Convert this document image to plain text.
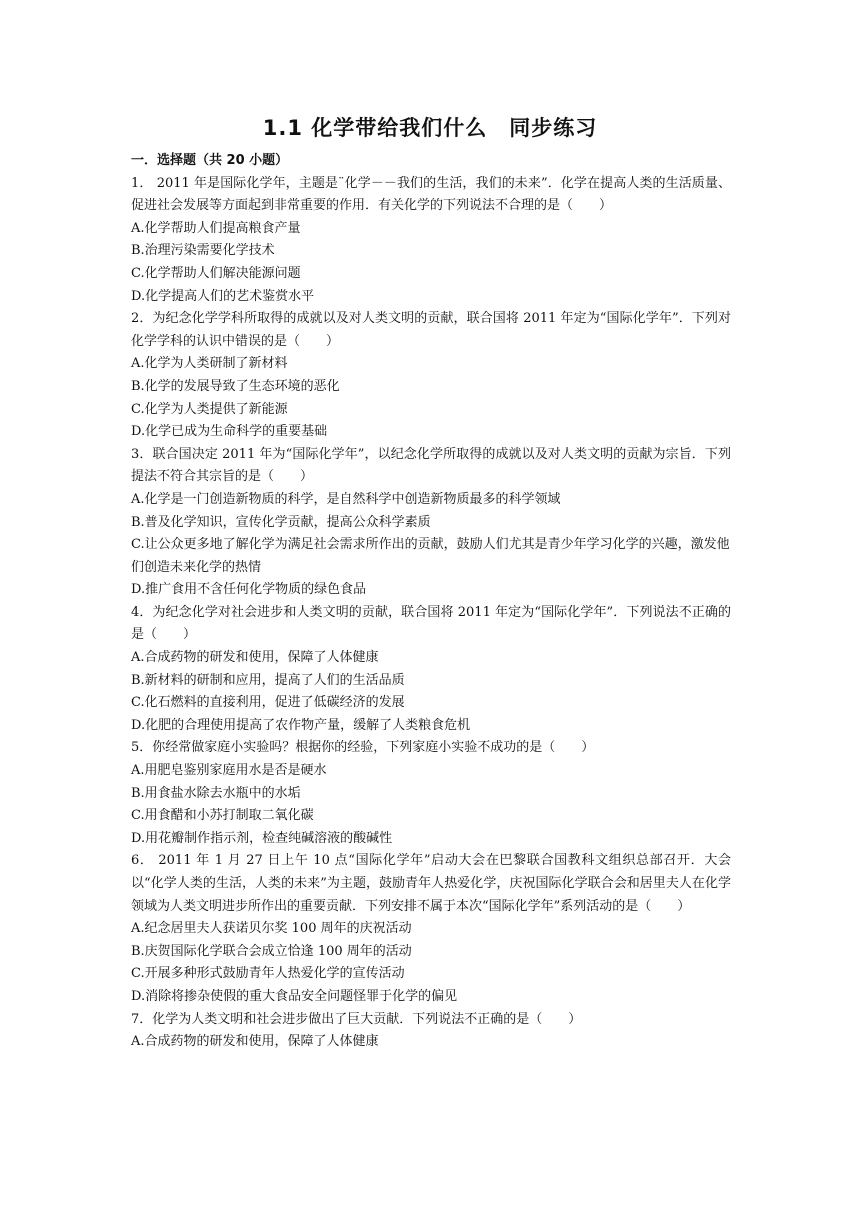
1.1 化学带给我们什么　同步练习
一．选择题（共 20 小题）
1． 2011 年是国际化学年，主题是¨化学－－我们的生活，我们的未来”．化学在提高人类的生活质量、促进社会发展等方面起到非常重要的作用．有关化学的下列说法不合理的是（　　）
A.化学帮助人们提高粮食产量
B.治理污染需要化学技术
C.化学帮助人们解决能源问题
D.化学提高人们的艺术鉴赏水平
2．为纪念化学学科所取得的成就以及对人类文明的贡献，联合国将 2011 年定为“国际化学年”．下列对化学学科的认识中错误的是（　　）
A.化学为人类研制了新材料
B.化学的发展导致了生态环境的恶化
C.化学为人类提供了新能源
D.化学已成为生命科学的重要基础
3．联合国决定 2011 年为“国际化学年”，以纪念化学所取得的成就以及对人类文明的贡献为宗旨．下列提法不符合其宗旨的是（　　）
A.化学是一门创造新物质的科学，是自然科学中创造新物质最多的科学领域
B.普及化学知识，宣传化学贡献，提高公众科学素质
C.让公众更多地了解化学为满足社会需求所作出的贡献，鼓励人们尤其是青少年学习化学的兴趣，激发他们创造未来化学的热情
D.推广食用不含任何化学物质的绿色食品
4．为纪念化学对社会进步和人类文明的贡献，联合国将 2011 年定为“国际化学年”．下列说法不正确的是（　　）
A.合成药物的研发和使用，保障了人体健康
B.新材料的研制和应用，提高了人们的生活品质
C.化石燃料的直接利用，促进了低碳经济的发展
D.化肥的合理使用提高了农作物产量，缓解了人类粮食危机
5．你经常做家庭小实验吗？根据你的经验，下列家庭小实验不成功的是（　　）
A.用肥皂鉴别家庭用水是否是硬水
B.用食盐水除去水瓶中的水垢
C.用食醋和小苏打制取二氧化碳
D.用花瓣制作指示剂，检查纯碱溶液的酸碱性
6． 2011 年 1 月 27 日上午 10 点“国际化学年”启动大会在巴黎联合国教科文组织总部召开．大会以“化学人类的生活，人类的未来”为主题，鼓励青年人热爱化学，庆祝国际化学联合会和居里夫人在化学领域为人类文明进步所作出的重要贡献．下列安排不属于本次“国际化学年”系列活动的是（　　）
A.纪念居里夫人获诺贝尔奖 100 周年的庆祝活动
B.庆贺国际化学联合会成立恰逢 100 周年的活动
C.开展多种形式鼓励青年人热爱化学的宣传活动
D.消除将掺杂使假的重大食品安全问题怪罪于化学的偏见
7．化学为人类文明和社会进步做出了巨大贡献．下列说法不正确的是（　　）
A.合成药物的研发和使用，保障了人体健康
